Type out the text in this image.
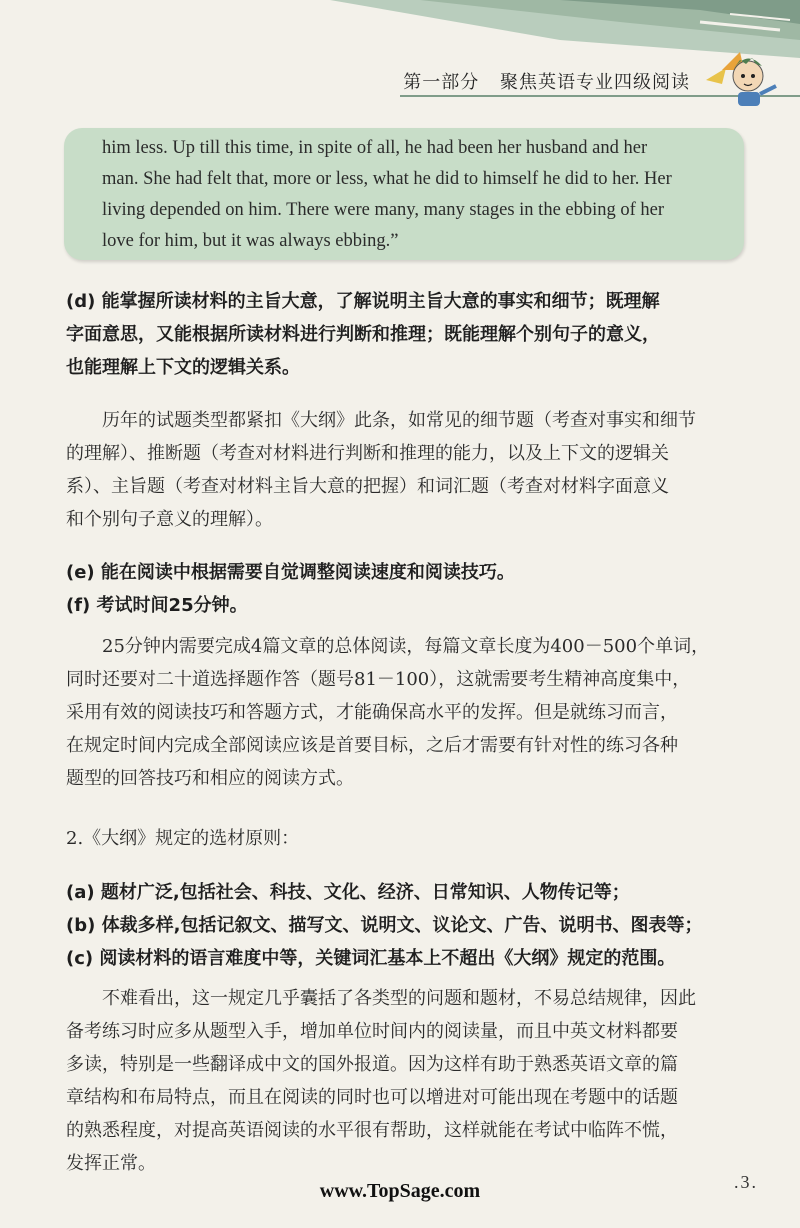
第一部分 聚焦英语专业四级阅读
him less. Up till this time, in spite of all, he had been her husband and her
man. She had felt that, more or less, what he did to himself he did to her. Her
living depended on him. There were many, many stages in the ebbing of her
love for him, but it was always ebbing.”
(d) 能掌握所读材料的主旨大意，了解说明主旨大意的事实和细节；既理解
字面意思，又能根据所读材料进行判断和推理；既能理解个别句子的意义，
也能理解上下文的逻辑关系。
历年的试题类型都紧扣《大纲》此条，如常见的细节题（考查对事实和细节
的理解）、推断题（考查对材料进行判断和推理的能力，以及上下文的逻辑关
系）、主旨题（考查对材料主旨大意的把握）和词汇题（考查对材料字面意义
和个别句子意义的理解）。
(e) 能在阅读中根据需要自觉调整阅读速度和阅读技巧。
(f) 考试时间25分钟。
25分钟内需要完成4篇文章的总体阅读，每篇文章长度为400－500个单词，
同时还要对二十道选择题作答（题号81－100），这就需要考生精神高度集中，
采用有效的阅读技巧和答题方式，才能确保高水平的发挥。但是就练习而言，
在规定时间内完成全部阅读应该是首要目标，之后才需要有针对性的练习各种
题型的回答技巧和相应的阅读方式。
2.《大纲》规定的选材原则：
(a) 题材广泛,包括社会、科技、文化、经济、日常知识、人物传记等；
(b) 体裁多样,包括记叙文、描写文、说明文、议论文、广告、说明书、图表等；
(c) 阅读材料的语言难度中等，关键词汇基本上不超出《大纲》规定的范围。
不难看出，这一规定几乎囊括了各类型的问题和题材，不易总结规律，因此
备考练习时应多从题型入手，增加单位时间内的阅读量，而且中英文材料都要
多读，特别是一些翻译成中文的国外报道。因为这样有助于熟悉英语文章的篇
章结构和布局特点，而且在阅读的同时也可以增进对可能出现在考题中的话题
的熟悉程度，对提高英语阅读的水平很有帮助，这样就能在考试中临阵不慌，
发挥正常。
.3.
www.TopSage.com
